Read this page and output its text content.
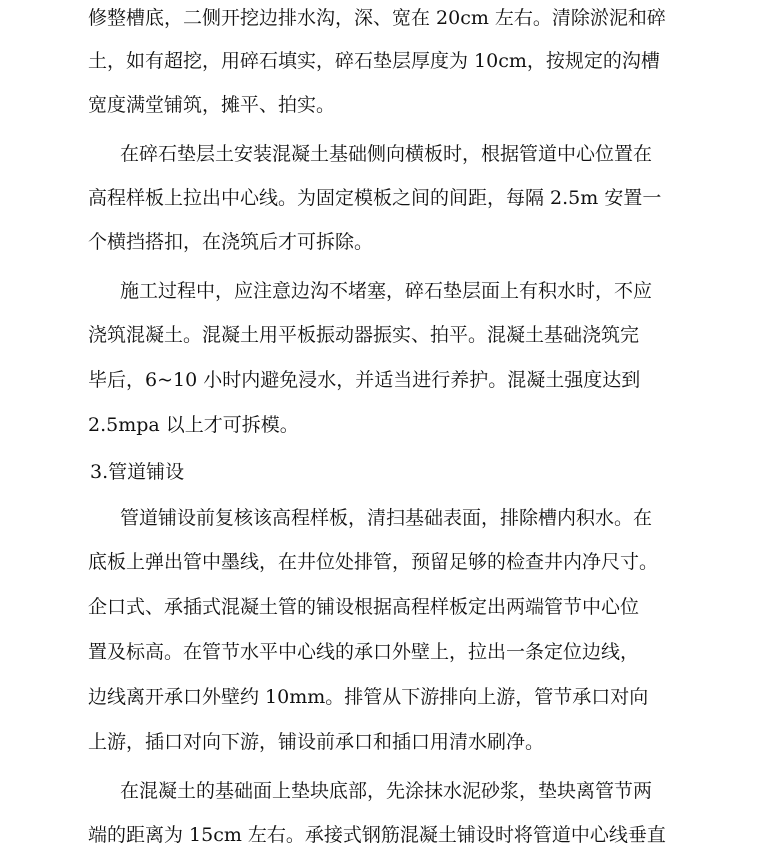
修整槽底，二侧开挖边排水沟，深、宽在 20cm 左右。清除淤泥和碎
土，如有超挖，用碎石填实，碎石垫层厚度为 10cm，按规定的沟槽
宽度满堂铺筑，摊平、拍实。
在碎石垫层土安装混凝土基础侧向横板时，根据管道中心位置在
高程样板上拉出中心线。为固定模板之间的间距，每隔 2.5m 安置一
个横挡搭扣，在浇筑后才可拆除。
施工过程中，应注意边沟不堵塞，碎石垫层面上有积水时，不应
浇筑混凝土。混凝土用平板振动器振实、拍平。混凝土基础浇筑完
毕后，6~10 小时内避免浸水，并适当进行养护。混凝土强度达到
2.5mpa 以上才可拆模。
3.管道铺设
管道铺设前复核该高程样板，清扫基础表面，排除槽内积水。在
底板上弹出管中墨线，在井位处排管，预留足够的检查井内净尺寸。
企口式、承插式混凝土管的铺设根据高程样板定出两端管节中心位
置及标高。在管节水平中心线的承口外壁上，拉出一条定位边线，
边线离开承口外壁约 10mm。排管从下游排向上游，管节承口对向
上游，插口对向下游，铺设前承口和插口用清水刷净。
在混凝土的基础面上垫块底部，先涂抹水泥砂浆，垫块离管节两
端的距离为 15cm 左右。承接式钢筋混凝土铺设时将管道中心线垂直
